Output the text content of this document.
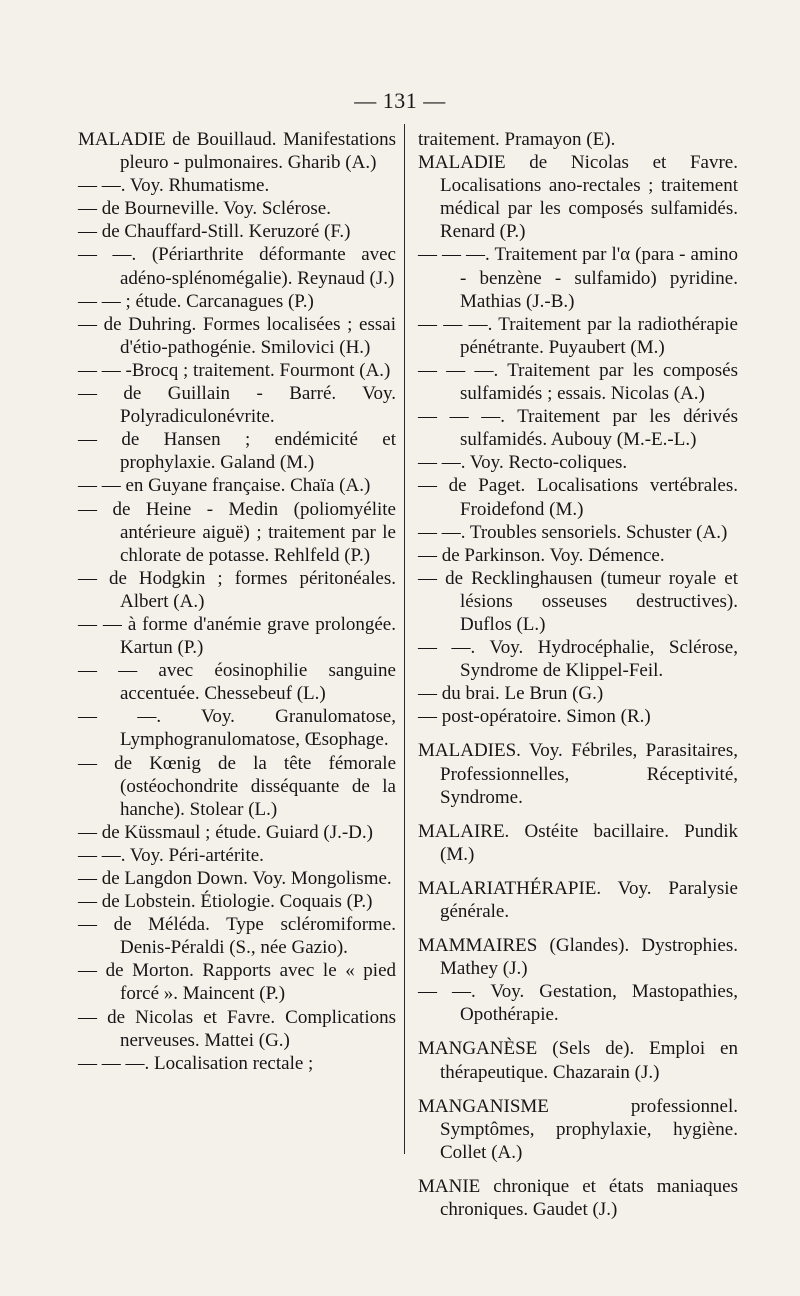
— 131 —

MALADIE de Bouillaud. Manifestations pleuro - pulmonaires. Gharib (A.)

— —. Voy. Rhumatisme.

— de Bourneville. Voy. Sclérose.

— de Chauffard-Still. Keruzoré (F.)

— —. (Périarthrite déformante avec adéno-splénomégalie). Reynaud (J.)

— — ; étude. Carcanagues (P.)

— de Duhring. Formes localisées ; essai d'étio-pathogénie. Smilovici (H.)

— — -Brocq ; traitement. Fourmont (A.)

— de Guillain - Barré. Voy. Polyradiculonévrite.

— de Hansen ; endémicité et prophylaxie. Galand (M.)

— — en Guyane française. Chaïa (A.)

— de Heine - Medin (poliomyélite antérieure aiguë) ; traitement par le chlorate de potasse. Rehlfeld (P.)

— de Hodgkin ; formes péritonéales. Albert (A.)

— — à forme d'anémie grave prolongée. Kartun (P.)

— — avec éosinophilie sanguine accentuée. Chessebeuf (L.)

— —. Voy. Granulomatose, Lymphogranulomatose, Œsophage.

— de Kœnig de la tête fémorale (ostéochondrite disséquante de la hanche). Stolear (L.)

— de Küssmaul ; étude. Guiard (J.-D.)

— —. Voy. Péri-artérite.

— de Langdon Down. Voy. Mongolisme.

— de Lobstein. Étiologie. Coquais (P.)

— de Méléda. Type scléromiforme. Denis-Péraldi (S., née Gazio).

— de Morton. Rapports avec le « pied forcé ». Maincent (P.)

— de Nicolas et Favre. Complications nerveuses. Mattei (G.)

— — —. Localisation rectale ;

traitement. Pramayon (E).

MALADIE de Nicolas et Favre. Localisations ano-rectales ; traitement médical par les composés sulfamidés. Renard (P.)

— — —. Traitement par l'α (para - amino - benzène - sulfamido) pyridine. Mathias (J.-B.)

— — —. Traitement par la radiothérapie pénétrante. Puyaubert (M.)

— — —. Traitement par les composés sulfamidés ; essais. Nicolas (A.)

— — —. Traitement par les dérivés sulfamidés. Aubouy (M.-E.-L.)

— —. Voy. Recto-coliques.

— de Paget. Localisations vertébrales. Froidefond (M.)

— —. Troubles sensoriels. Schuster (A.)

— de Parkinson. Voy. Démence.

— de Recklinghausen (tumeur royale et lésions osseuses destructives). Duflos (L.)

— —. Voy. Hydrocéphalie, Sclérose, Syndrome de Klippel-Feil.

— du brai. Le Brun (G.)

— post-opératoire. Simon (R.)

MALADIES. Voy. Fébriles, Parasitaires, Professionnelles, Réceptivité, Syndrome.

MALAIRE. Ostéite bacillaire. Pundik (M.)

MALARIATHÉRAPIE. Voy. Paralysie générale.

MAMMAIRES (Glandes). Dystrophies. Mathey (J.)

— —. Voy. Gestation, Mastopathies, Opothérapie.

MANGANÈSE (Sels de). Emploi en thérapeutique. Chazarain (J.)

MANGANISME professionnel. Symptômes, prophylaxie, hygiène. Collet (A.)

MANIE chronique et états maniaques chroniques. Gaudet (J.)
